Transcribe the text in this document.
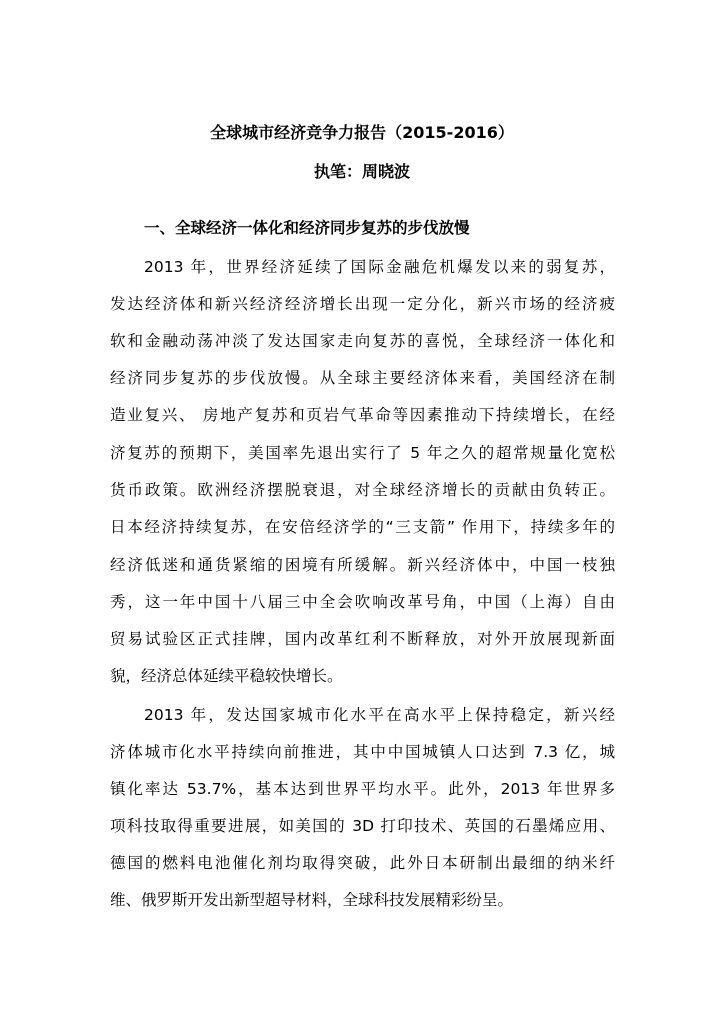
全球城市经济竞争力报告（2015-2016）
执笔：周晓波
一、全球经济一体化和经济同步复苏的步伐放慢
2013 年，世界经济延续了国际金融危机爆发以来的弱复苏，
发达经济体和新兴经济经济增长出现一定分化，新兴市场的经济疲
软和金融动荡冲淡了发达国家走向复苏的喜悦，全球经济一体化和
经济同步复苏的步伐放慢。从全球主要经济体来看，美国经济在制
造业复兴、 房地产复苏和页岩气革命等因素推动下持续增长，在经
济复苏的预期下，美国率先退出实行了 5 年之久的超常规量化宽松
货币政策。欧洲经济摆脱衰退，对全球经济增长的贡献由负转正。
日本经济持续复苏，在安倍经济学的“三支箭” 作用下，持续多年的
经济低迷和通货紧缩的困境有所缓解。新兴经济体中，中国一枝独
秀，这一年中国十八届三中全会吹响改革号角，中国（上海）自由
贸易试验区正式挂牌，国内改革红利不断释放，对外开放展现新面
貌，经济总体延续平稳较快增长。
2013 年，发达国家城市化水平在高水平上保持稳定，新兴经
济体城市化水平持续向前推进，其中中国城镇人口达到 7.3 亿，城
镇化率达 53.7%，基本达到世界平均水平。此外，2013 年世界多
项科技取得重要进展，如美国的 3D 打印技术、英国的石墨烯应用、
德国的燃料电池催化剂均取得突破，此外日本研制出最细的纳米纤
维、俄罗斯开发出新型超导材料，全球科技发展精彩纷呈。
